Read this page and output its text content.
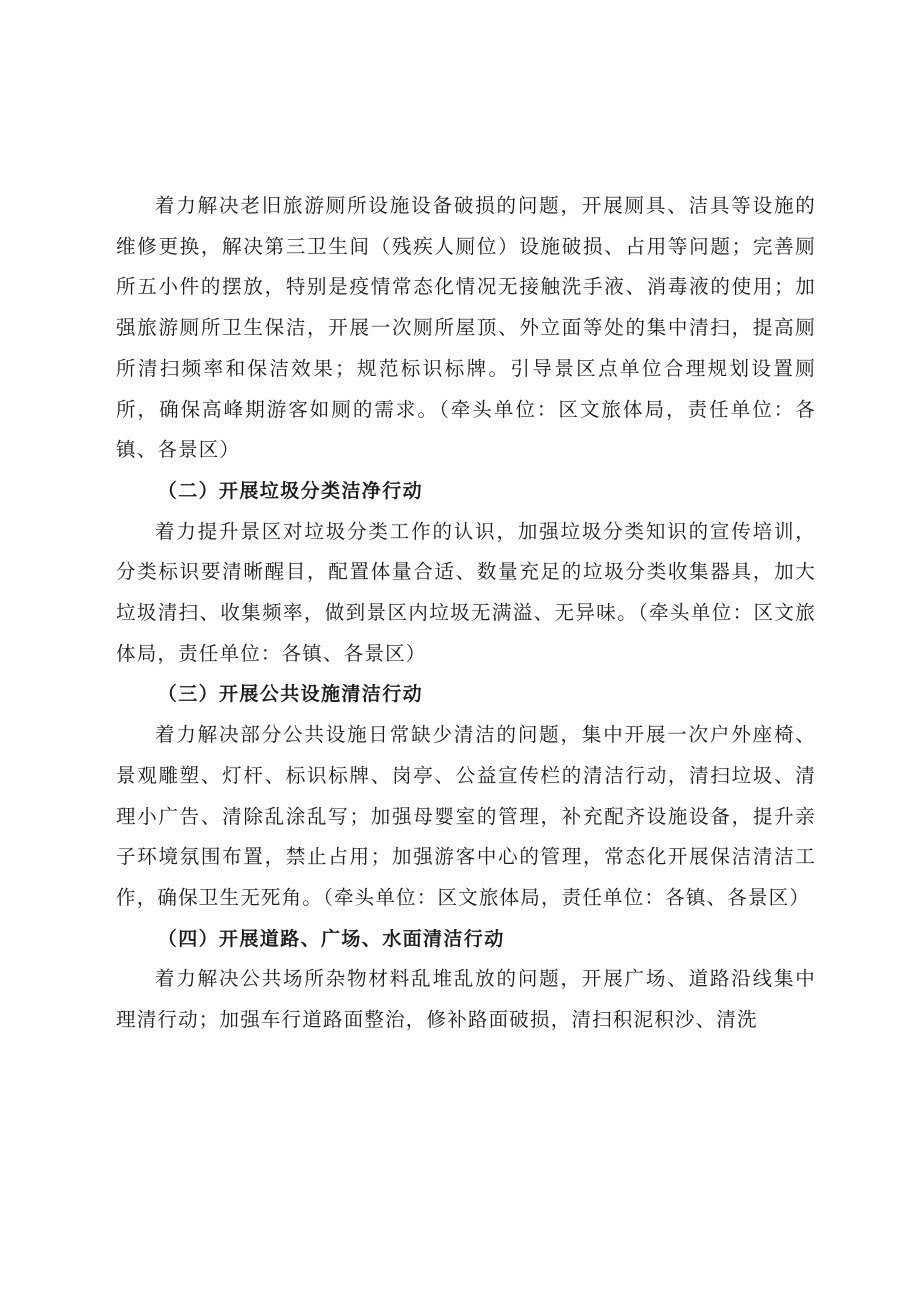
着力解决老旧旅游厕所设施设备破损的问题，开展厕具、洁具等设施的维修更换，解决第三卫生间（残疾人厕位）设施破损、占用等问题；完善厕所五小件的摆放，特别是疫情常态化情况无接触洗手液、消毒液的使用；加强旅游厕所卫生保洁，开展一次厕所屋顶、外立面等处的集中清扫，提高厕所清扫频率和保洁效果；规范标识标牌。引导景区点单位合理规划设置厕所，确保高峰期游客如厕的需求。（牵头单位：区文旅体局，责任单位：各镇、各景区）

（二）开展垃圾分类洁净行动

着力提升景区对垃圾分类工作的认识，加强垃圾分类知识的宣传培训，分类标识要清晰醒目，配置体量合适、数量充足的垃圾分类收集器具，加大垃圾清扫、收集频率，做到景区内垃圾无满溢、无异味。（牵头单位：区文旅体局，责任单位：各镇、各景区）

（三）开展公共设施清洁行动

着力解决部分公共设施日常缺少清洁的问题，集中开展一次户外座椅、景观雕塑、灯杆、标识标牌、岗亭、公益宣传栏的清洁行动，清扫垃圾、清理小广告、清除乱涂乱写；加强母婴室的管理，补充配齐设施设备，提升亲子环境氛围布置，禁止占用；加强游客中心的管理，常态化开展保洁清洁工作，确保卫生无死角。（牵头单位：区文旅体局，责任单位：各镇、各景区）

（四）开展道路、广场、水面清洁行动

着力解决公共场所杂物材料乱堆乱放的问题，开展广场、道路沿线集中理清行动；加强车行道路面整治，修补路面破损，清扫积泥积沙、清洗
